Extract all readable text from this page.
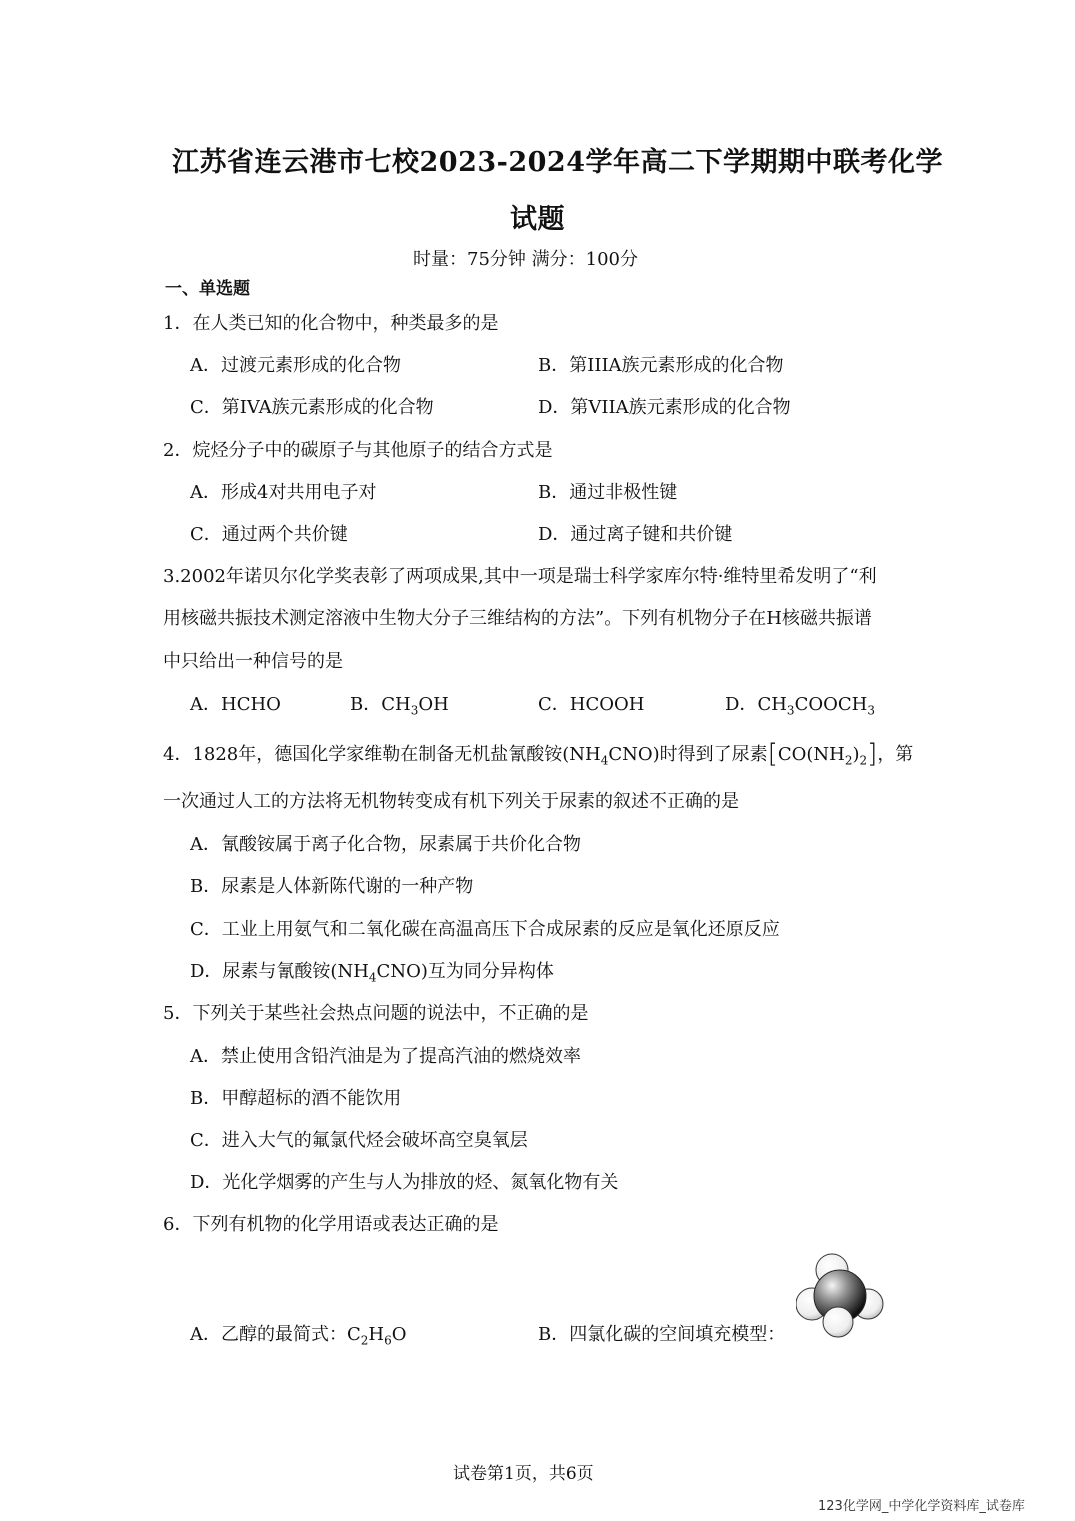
江苏省连云港市七校2023-2024学年高二下学期期中联考化学
试题
时量：75分钟 满分：100分
一、单选题
1．在人类已知的化合物中，种类最多的是
A．过渡元素形成的化合物	B．第IIIA族元素形成的化合物
C．第IVA族元素形成的化合物	D．第VIIA族元素形成的化合物
2．烷烃分子中的碳原子与其他原子的结合方式是
A．形成4对共用电子对	B．通过非极性键
C．通过两个共价键	D．通过离子键和共价键
3.2002年诺贝尔化学奖表彰了两项成果,其中一项是瑞士科学家库尔特·维特里希发明了“利
用核磁共振技术测定溶液中生物大分子三维结构的方法”。下列有机物分子在H核磁共振谱
中只给出一种信号的是
A．HCHO	B．$CH_3OH$	C．HCOOH	D．$CH_3COOCH_3$
4．1828年，德国化学家维勒在制备无机盐氰酸铵$(NH_4CNO)$时得到了尿素$[CO(NH_2)_2]$，第
一次通过人工的方法将无机物转变成有机下列关于尿素的叙述不正确的是
A．氰酸铵属于离子化合物，尿素属于共价化合物
B．尿素是人体新陈代谢的一种产物
C．工业上用氨气和二氧化碳在高温高压下合成尿素的反应是氧化还原反应
D．尿素与氰酸铵$(NH_4CNO)$互为同分异构体
5．下列关于某些社会热点问题的说法中，不正确的是
A．禁止使用含铅汽油是为了提高汽油的燃烧效率
B．甲醇超标的酒不能饮用
C．进入大气的氟氯代烃会破坏高空臭氧层
D．光化学烟雾的产生与人为排放的烃、氮氧化物有关
6．下列有机物的化学用语或表达正确的是
A．乙醇的最简式：$C_2H_6O$	B．四氯化碳的空间填充模型：
试卷第1页，共6页
123化学网_中学化学资料库_试卷库
